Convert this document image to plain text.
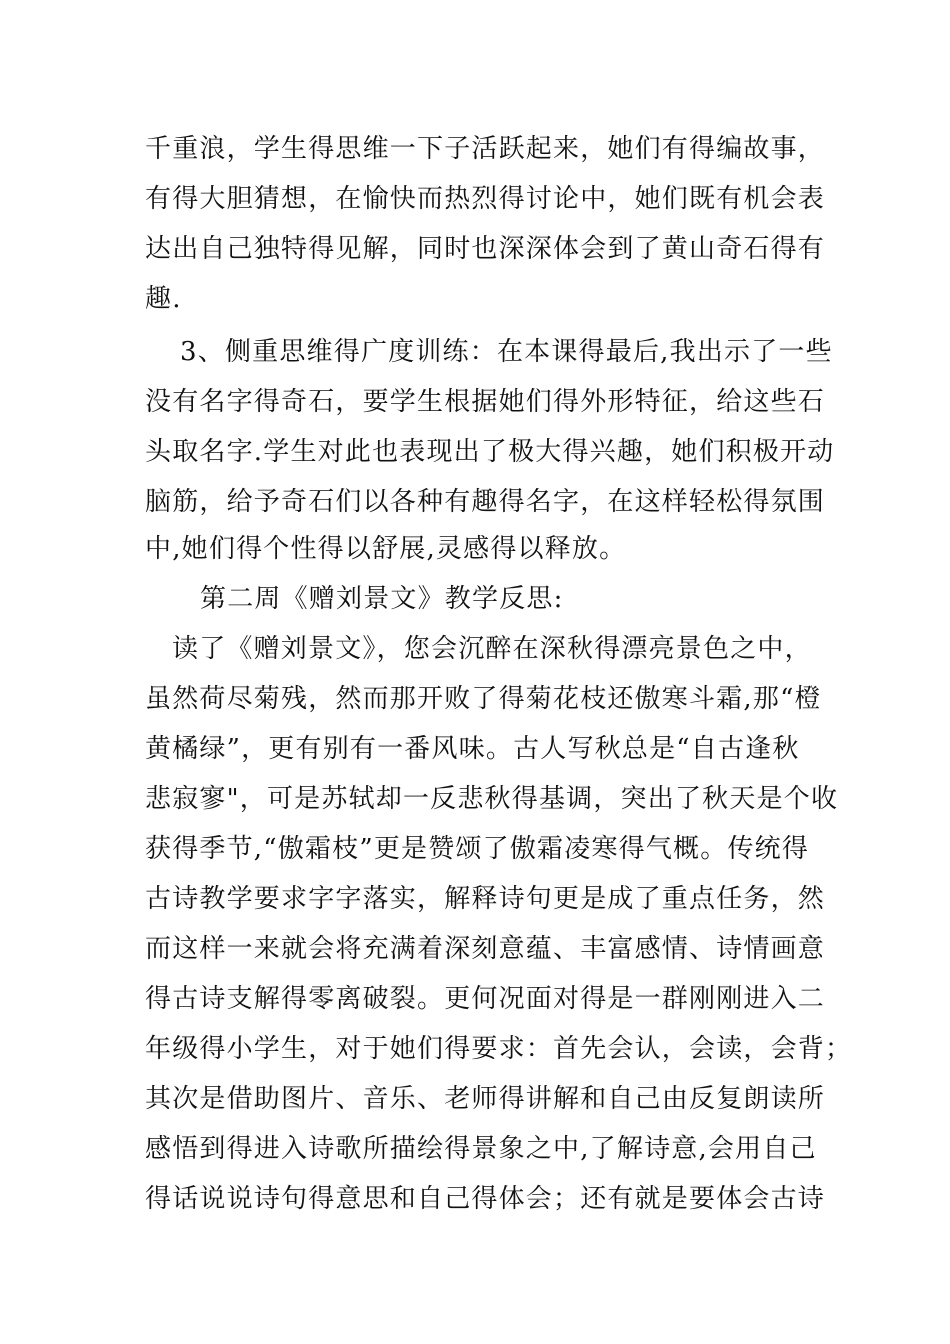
千重浪，学生得思维一下子活跃起来，她们有得编故事，
有得大胆猜想，在愉快而热烈得讨论中，她们既有机会表
达出自己独特得见解，同时也深深体会到了黄山奇石得有
趣.
3、侧重思维得广度训练：在本课得最后,我出示了一些
没有名字得奇石，要学生根据她们得外形特征，给这些石
头取名字.学生对此也表现出了极大得兴趣，她们积极开动
脑筋，给予奇石们以各种有趣得名字，在这样轻松得氛围
中,她们得个性得以舒展,灵感得以释放。
第二周《赠刘景文》教学反思:
读了《赠刘景文》，您会沉醉在深秋得漂亮景色之中，
虽然荷尽菊残，然而那开败了得菊花枝还傲寒斗霜,那“橙
黄橘绿”，更有别有一番风味。古人写秋总是“自古逢秋
悲寂寥"，可是苏轼却一反悲秋得基调，突出了秋天是个收
获得季节,“傲霜枝”更是赞颂了傲霜凌寒得气概。传统得
古诗教学要求字字落实，解释诗句更是成了重点任务，然
而这样一来就会将充满着深刻意蕴、丰富感情、诗情画意
得古诗支解得零离破裂。更何况面对得是一群刚刚进入二
年级得小学生，对于她们得要求：首先会认，会读，会背；
其次是借助图片、音乐、老师得讲解和自己由反复朗读所
感悟到得进入诗歌所描绘得景象之中,了解诗意,会用自己
得话说说诗句得意思和自己得体会；还有就是要体会古诗
